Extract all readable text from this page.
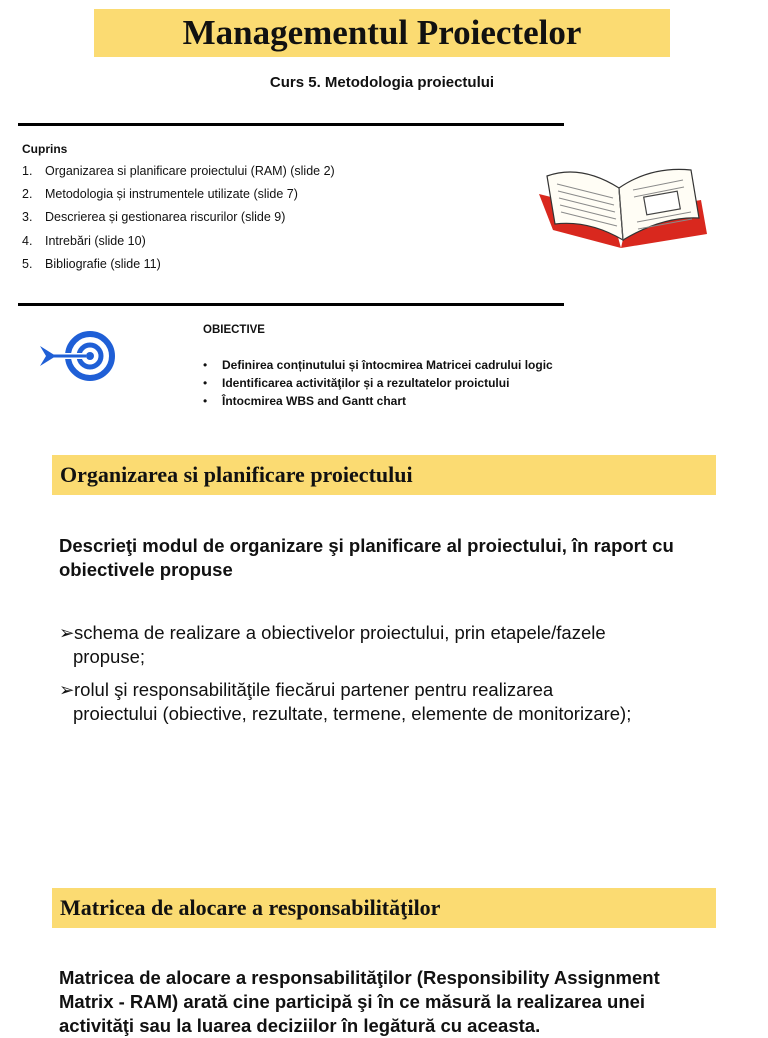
Managementul Proiectelor
Curs 5. Metodologia proiectului
Cuprins
1. Organizarea si planificare proiectului (RAM) (slide 2)
2. Metodologia și instrumentele utilizate (slide 7)
3. Descrierea și gestionarea riscurilor (slide 9)
4. Intrebări (slide 10)
5. Bibliografie (slide 11)
OBIECTIVE
• Definirea conținutului și întocmirea Matricei cadrului logic
• Identificarea activităţilor și a rezultatelor proictului
• Întocmirea WBS and Gantt chart
Organizarea si planificare proiectului
Descrieţi modul de organizare şi planificare al proiectului, în raport cu
obiectivele propuse
➢schema de realizare a obiectivelor proiectului, prin etapele/fazele
propuse;
➢rolul şi responsabilităţile fiecărui partener pentru realizarea
proiectului (obiective, rezultate, termene, elemente de monitorizare);
Matricea de alocare a responsabilităţilor
Matricea de alocare a responsabilităţilor (Responsibility Assignment
Matrix - RAM) arată cine participă şi în ce măsură la realizarea unei
activităţi sau la luarea deciziilor în legătură cu aceasta.
